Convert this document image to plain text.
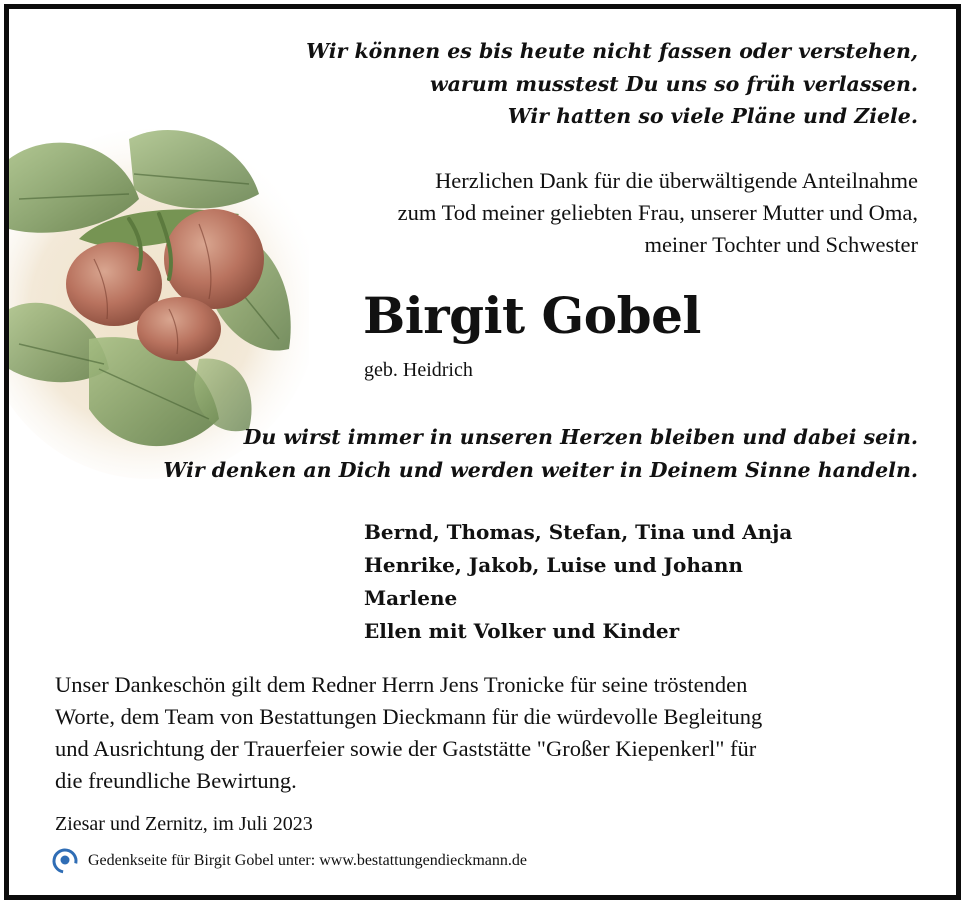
Wir können es bis heute nicht fassen oder verstehen,
warum musstest Du uns so früh verlassen.
Wir hatten so viele Pläne und Ziele.
Herzlichen Dank für die überwältigende Anteilnahme
zum Tod meiner geliebten Frau, unserer Mutter und Oma,
meiner Tochter und Schwester
Birgit Gobel
geb. Heidrich
Du wirst immer in unseren Herzen bleiben und dabei sein.
Wir denken an Dich und werden weiter in Deinem Sinne handeln.
Bernd, Thomas, Stefan, Tina und Anja
Henrike, Jakob, Luise und Johann
Marlene
Ellen mit Volker und Kinder
Unser Dankeschön gilt dem Redner Herrn Jens Tronicke für seine tröstenden
Worte, dem Team von Bestattungen Dieckmann für die würdevolle Begleitung
und Ausrichtung der Trauerfeier sowie der Gaststätte "Großer Kiepenkerl" für
die freundliche Bewirtung.
Ziesar und Zernitz, im Juli 2023
Gedenkseite für Birgit Gobel unter: www.bestattungendieckmann.de
